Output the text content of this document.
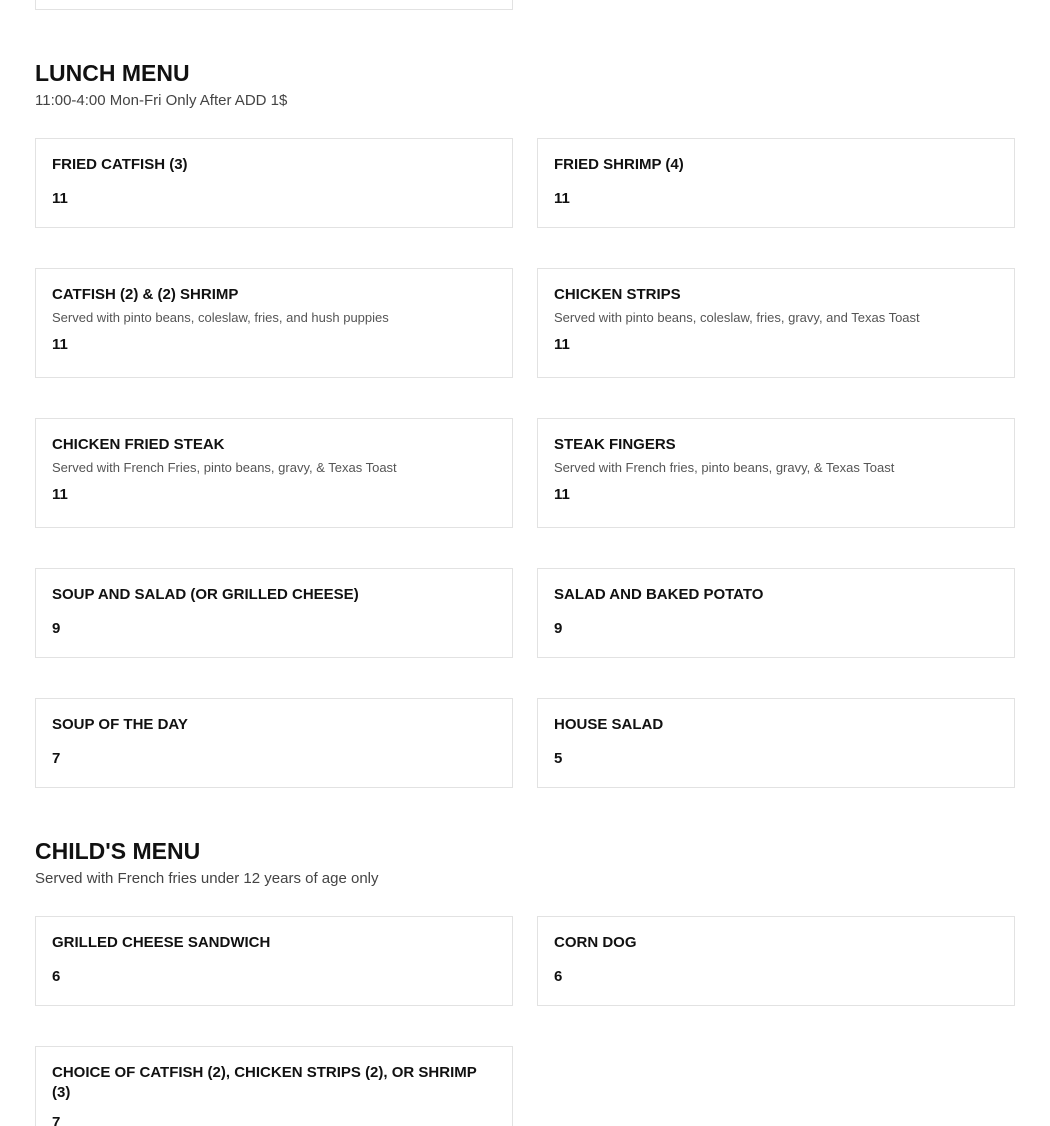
LUNCH MENU
11:00-4:00 Mon-Fri Only After ADD 1$
FRIED CATFISH (3)
11
FRIED SHRIMP (4)
11
CATFISH (2) & (2) SHRIMP
Served with pinto beans, coleslaw, fries, and hush puppies
11
CHICKEN STRIPS
Served with pinto beans, coleslaw, fries, gravy, and Texas Toast
11
CHICKEN FRIED STEAK
Served with French Fries, pinto beans, gravy, & Texas Toast
11
STEAK FINGERS
Served with French fries, pinto beans, gravy, & Texas Toast
11
SOUP AND SALAD (OR GRILLED CHEESE)
9
SALAD AND BAKED POTATO
9
SOUP OF THE DAY
7
HOUSE SALAD
5
CHILD'S MENU
Served with French fries under 12 years of age only
GRILLED CHEESE SANDWICH
6
CORN DOG
6
CHOICE OF CATFISH (2), CHICKEN STRIPS (2), OR SHRIMP (3)
7
